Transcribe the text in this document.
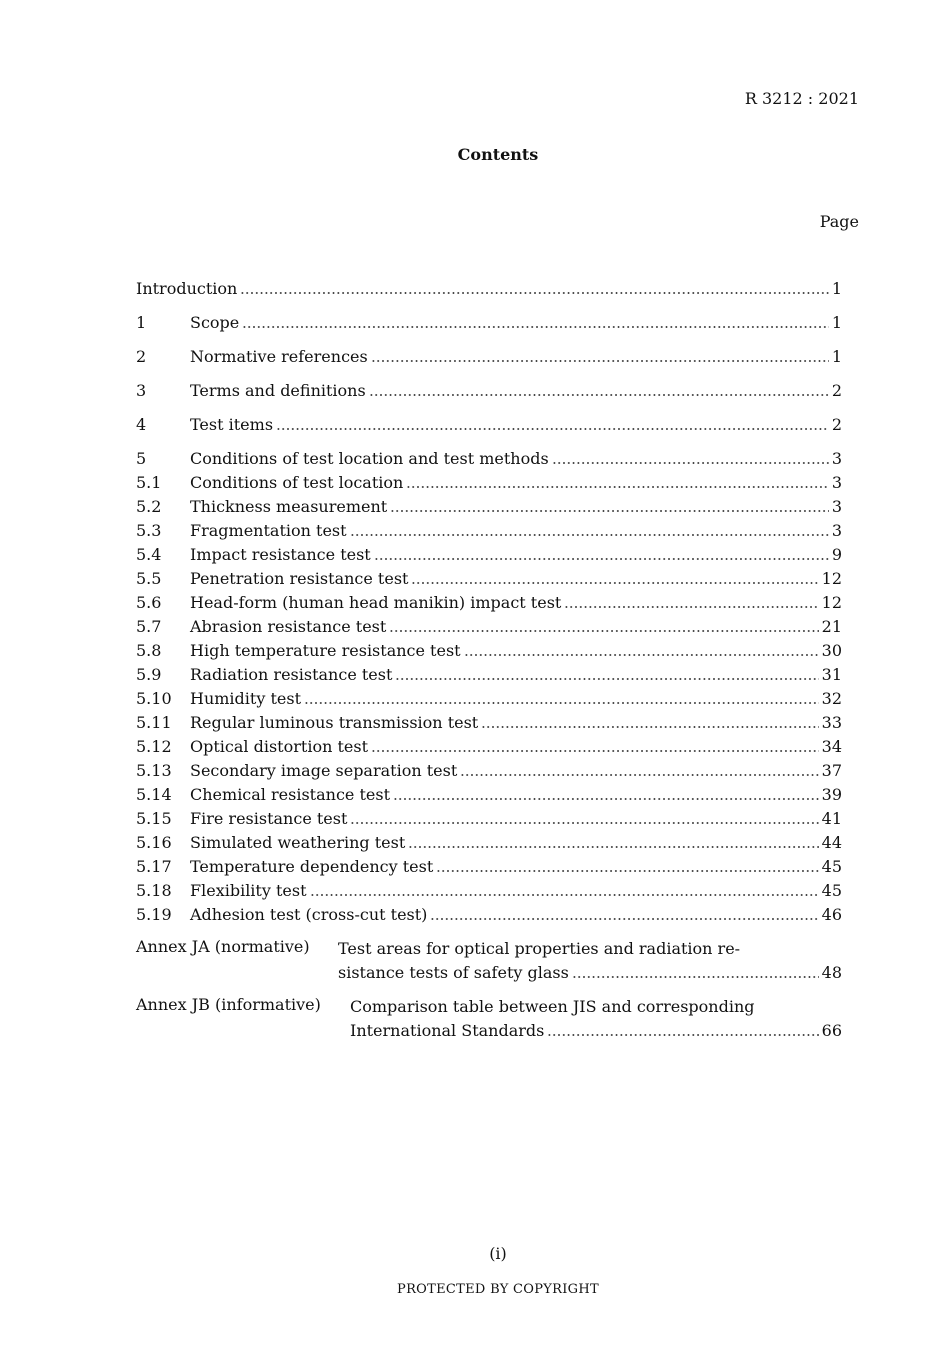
R 3212 : 2021
Contents
Page
Introduction	1
1	Scope	1
2	Normative references	1
3	Terms and definitions	2
4	Test items	2
5	Conditions of test location and test methods	3
5.1	Conditions of test location	3
5.2	Thickness measurement	3
5.3	Fragmentation test	3
5.4	Impact resistance test	9
5.5	Penetration resistance test	12
5.6	Head-form (human head manikin) impact test	12
5.7	Abrasion resistance test	21
5.8	High temperature resistance test	30
5.9	Radiation resistance test	31
5.10	Humidity test	32
5.11	Regular luminous transmission test	33
5.12	Optical distortion test	34
5.13	Secondary image separation test	37
5.14	Chemical resistance test	39
5.15	Fire resistance test	41
5.16	Simulated weathering test	44
5.17	Temperature dependency test	45
5.18	Flexibility test	45
5.19	Adhesion test (cross-cut test)	46
Annex JA (normative)	Test areas for optical properties and radiation re-
sistance tests of safety glass	48
Annex JB (informative)	Comparison table between JIS and corresponding
International Standards	66
(i)
PROTECTED BY COPYRIGHT
